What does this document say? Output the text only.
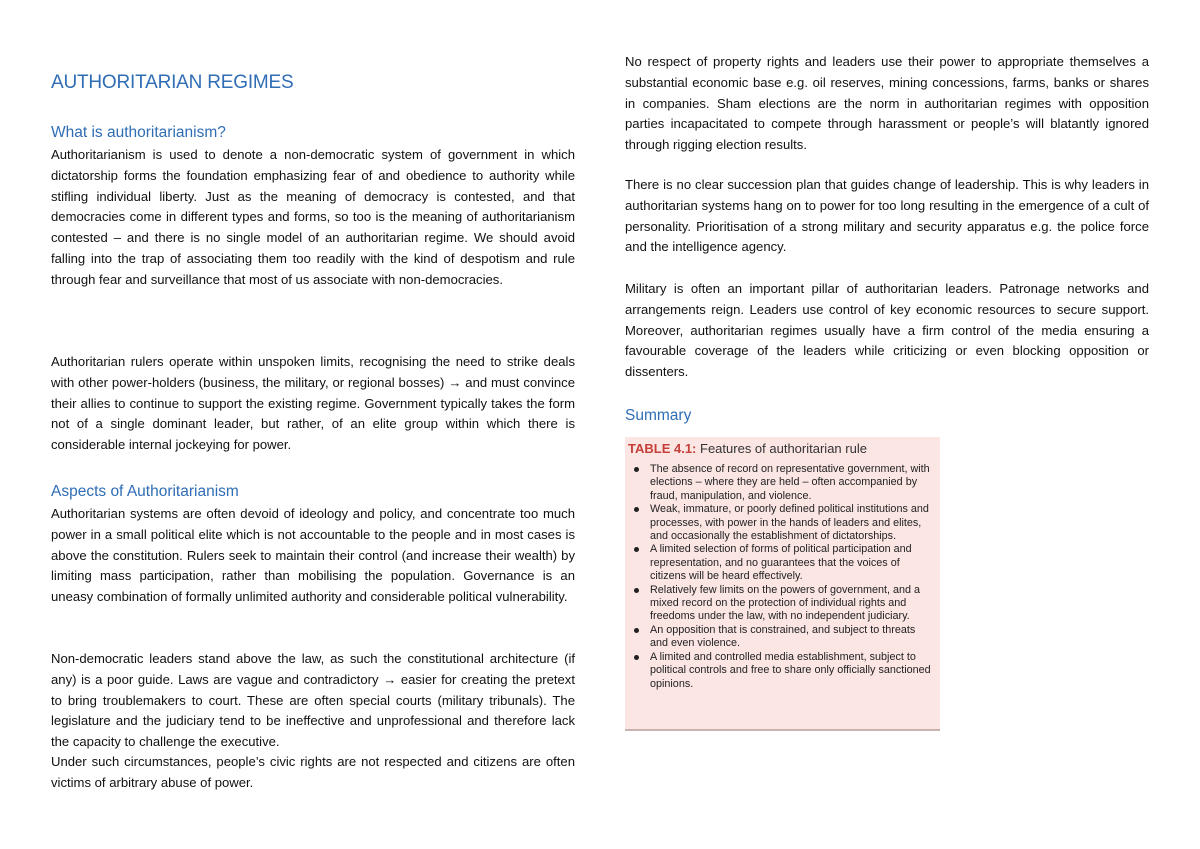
AUTHORITARIAN REGIMES
What is authoritarianism?

Authoritarianism is used to denote a non-democratic system of government in which dictatorship forms the foundation emphasizing fear of and obedience to authority while stifling individual liberty. Just as the meaning of democracy is contested, and that democracies come in different types and forms, so too is the meaning of authoritarianism contested – and there is no single model of an authoritarian regime. We should avoid falling into the trap of associating them too readily with the kind of despotism and rule through fear and surveillance that most of us associate with non-democracies.

Authoritarian rulers operate within unspoken limits, recognising the need to strike deals with other power-holders (business, the military, or regional bosses) → and must convince their allies to continue to support the existing regime. Government typically takes the form not of a single dominant leader, but rather, of an elite group within which there is considerable internal jockeying for power.

Aspects of Authoritarianism

Authoritarian systems are often devoid of ideology and policy, and concentrate too much power in a small political elite which is not accountable to the people and in most cases is above the constitution. Rulers seek to maintain their control (and increase their wealth) by limiting mass participation, rather than mobilising the population. Governance is an uneasy combination of formally unlimited authority and considerable political vulnerability.

Non-democratic leaders stand above the law, as such the constitutional architecture (if any) is a poor guide. Laws are vague and contradictory → easier for creating the pretext to bring troublemakers to court. These are often special courts (military tribunals). The legislature and the judiciary tend to be ineffective and unprofessional and therefore lack the capacity to challenge the executive.

Under such circumstances, people’s civic rights are not respected and citizens are often victims of arbitrary abuse of power.

No respect of property rights and leaders use their power to appropriate themselves a substantial economic base e.g. oil reserves, mining concessions, farms, banks or shares in companies. Sham elections are the norm in authoritarian regimes with opposition parties incapacitated to compete through harassment or people’s will blatantly ignored through rigging election results.

There is no clear succession plan that guides change of leadership. This is why leaders in authoritarian systems hang on to power for too long resulting in the emergence of a cult of personality. Prioritisation of a strong military and security apparatus e.g. the police force and the intelligence agency.

Military is often an important pillar of authoritarian leaders. Patronage networks and arrangements reign. Leaders use control of key economic resources to secure support. Moreover, authoritarian regimes usually have a firm control of the media ensuring a favourable coverage of the leaders while criticizing or even blocking opposition or dissenters.

Summary
TABLE 4.1: Features of authoritarian rule
The absence of record on representative government, with elections – where they are held – often accompanied by fraud, manipulation, and violence.
Weak, immature, or poorly defined political institutions and processes, with power in the hands of leaders and elites, and occasionally the establishment of dictatorships.
A limited selection of forms of political participation and representation, and no guarantees that the voices of citizens will be heard effectively.
Relatively few limits on the powers of government, and a mixed record on the protection of individual rights and freedoms under the law, with no independent judiciary.
An opposition that is constrained, and subject to threats and even violence.
A limited and controlled media establishment, subject to political controls and free to share only officially sanctioned opinions.
